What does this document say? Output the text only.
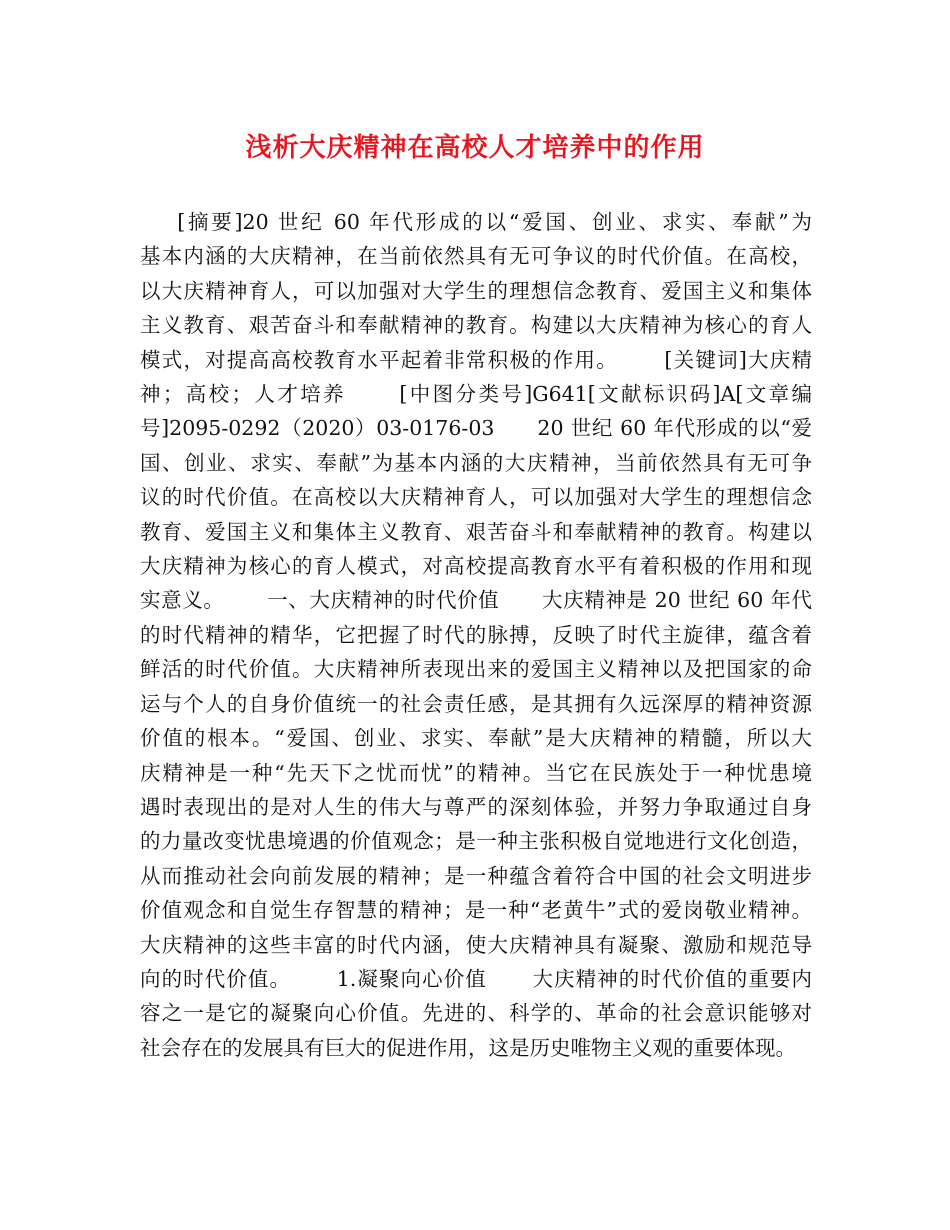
浅析大庆精神在高校人才培养中的作用
[摘要]20 世纪 60 年代形成的以“爱国、创业、求实、奉献”为
基本内涵的大庆精神，在当前依然具有无可争议的时代价值。在高校，
以大庆精神育人，可以加强对大学生的理想信念教育、爱国主义和集体
主义教育、艰苦奋斗和奉献精神的教育。构建以大庆精神为核心的育人
模式，对提高高校教育水平起着非常积极的作用。      [关键词]大庆精
神；高校；人才培养      [中图分类号]G641[文献标识码]A[文章编
号]2095-0292（2020）03-0176-03      20 世纪 60 年代形成的以“爱
国、创业、求实、奉献”为基本内涵的大庆精神，当前依然具有无可争
议的时代价值。在高校以大庆精神育人，可以加强对大学生的理想信念
教育、爱国主义和集体主义教育、艰苦奋斗和奉献精神的教育。构建以
大庆精神为核心的育人模式，对高校提高教育水平有着积极的作用和现
实意义。      一、大庆精神的时代价值      大庆精神是 20 世纪 60 年代
的时代精神的精华，它把握了时代的脉搏，反映了时代主旋律，蕴含着
鲜活的时代价值。大庆精神所表现出来的爱国主义精神以及把国家的命
运与个人的自身价值统一的社会责任感，是其拥有久远深厚的精神资源
价值的根本。“爱国、创业、求实、奉献”是大庆精神的精髓，所以大
庆精神是一种“先天下之忧而忧”的精神。当它在民族处于一种忧患境
遇时表现出的是对人生的伟大与尊严的深刻体验，并努力争取通过自身
的力量改变忧患境遇的价值观念；是一种主张积极自觉地进行文化创造，
从而推动社会向前发展的精神；是一种蕴含着符合中国的社会文明进步
价值观念和自觉生存智慧的精神；是一种“老黄牛”式的爱岗敬业精神。
大庆精神的这些丰富的时代内涵，使大庆精神具有凝聚、激励和规范导
向的时代价值。      1.凝聚向心价值      大庆精神的时代价值的重要内
容之一是它的凝聚向心价值。先进的、科学的、革命的社会意识能够对
社会存在的发展具有巨大的促进作用，这是历史唯物主义观的重要体现。
